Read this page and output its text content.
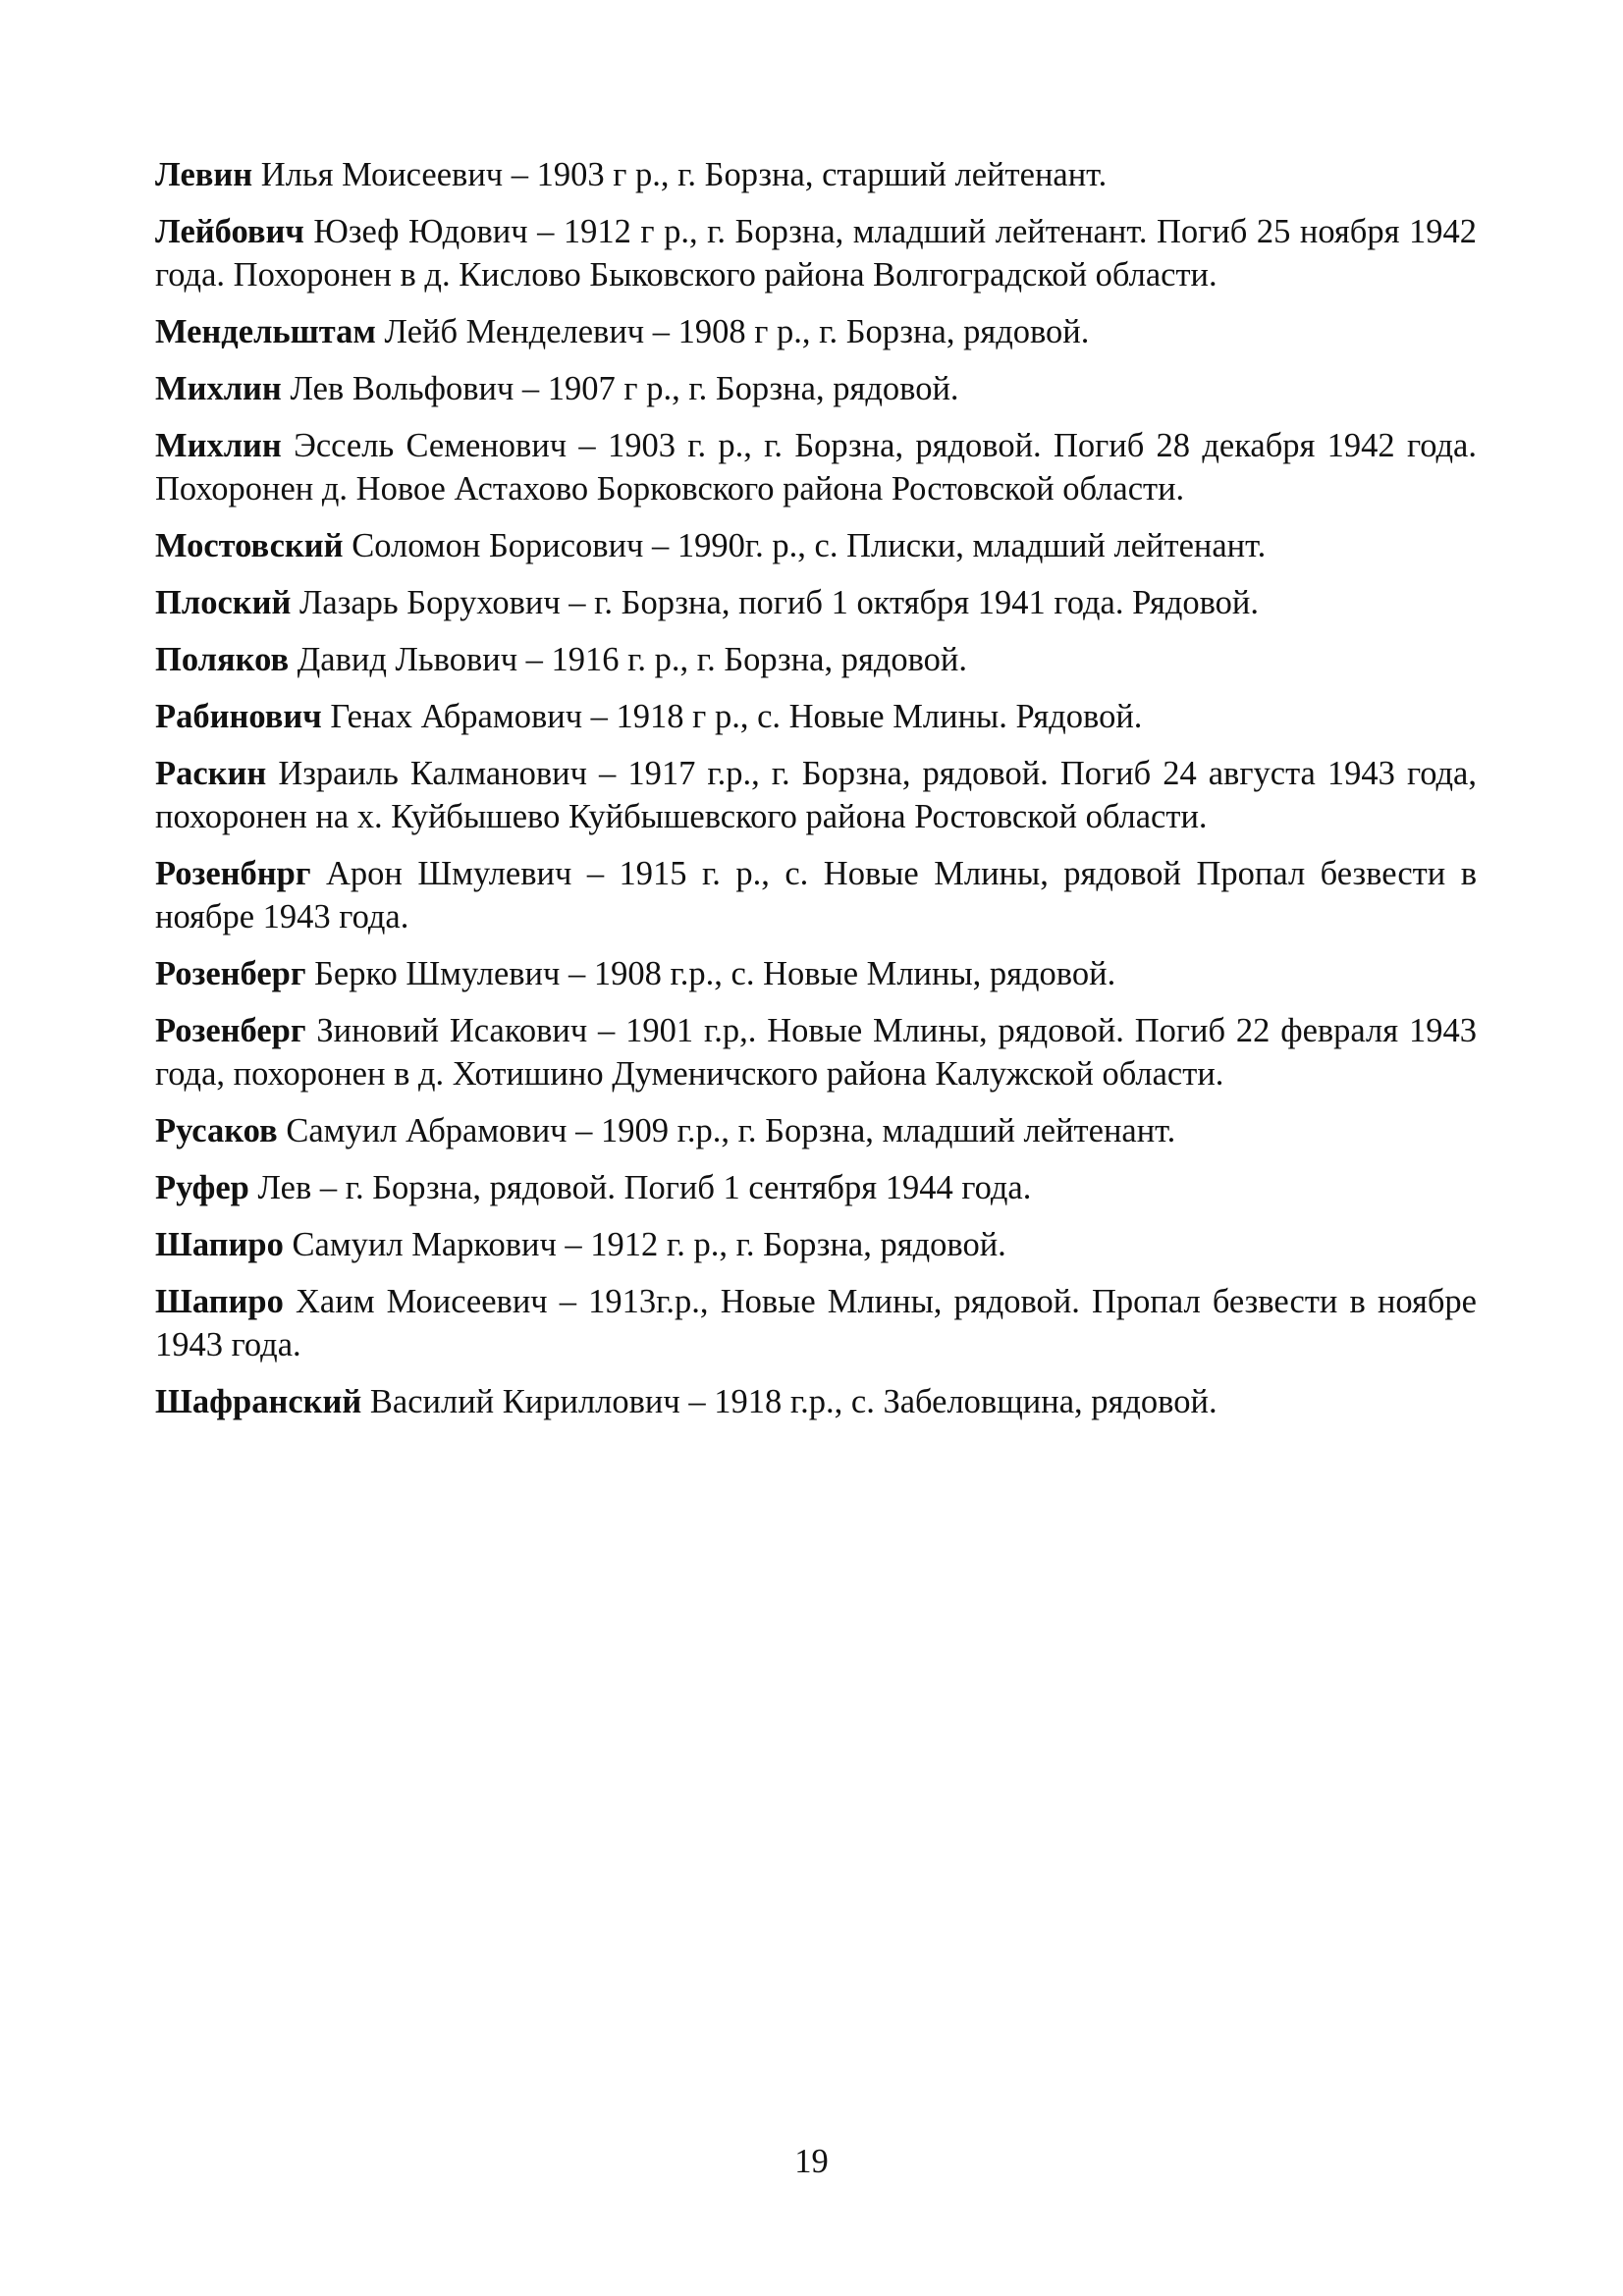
Левин Илья Моисеевич – 1903 г р., г. Борзна, старший лейтенант.

Лейбович Юзеф Юдович – 1912 г р., г. Борзна, младший лейтенант. Погиб 25 ноября 1942 года. Похоронен в д. Кислово Быковского района Волгоградской области.

Мендельштам Лейб Менделевич – 1908 г р., г. Борзна, рядовой.

Михлин Лев Вольфович – 1907 г р., г. Борзна, рядовой.

Михлин Эссель Семенович – 1903 г. р., г. Борзна, рядовой. Погиб 28 декабря 1942 года. Похоронен д. Новое Астахово Борковского района Ростовской области.

Мостовский Соломон Борисович – 1990г. р., с. Плиски, младший лейтенант.

Плоский Лазарь Борухович – г. Борзна, погиб 1 октября 1941 года. Рядовой.

Поляков Давид Львович – 1916 г. р., г. Борзна, рядовой.

Рабинович Генах Абрамович – 1918 г р., с. Новые Млины. Рядовой.

Раскин Израиль Калманович – 1917 г.р., г. Борзна, рядовой. Погиб 24 августа 1943 года, похоронен на х. Куйбышево Куйбышевского района Ростовской области.

Розенбнрг Арон Шмулевич – 1915 г. р., с. Новые Млины, рядовой Пропал безвести в ноябре 1943 года.

Розенберг Берко Шмулевич – 1908 г.р., с. Новые Млины, рядовой.

Розенберг Зиновий Исакович – 1901 г.р,. Новые Млины, рядовой. Погиб 22 февраля 1943 года, похоронен в д. Хотишино Думеничского района Калужской области.

Русаков Самуил Абрамович – 1909 г.р., г. Борзна, младший лейтенант.

Руфер Лев – г. Борзна, рядовой. Погиб 1 сентября 1944 года.

Шапиро Самуил Маркович – 1912 г. р., г. Борзна, рядовой.

Шапиро Хаим Моисеевич – 1913г.р., Новые Млины, рядовой. Пропал безвести в ноябре 1943 года.

Шафранский Василий Кириллович – 1918 г.р., с. Забеловщина, рядовой.

19
